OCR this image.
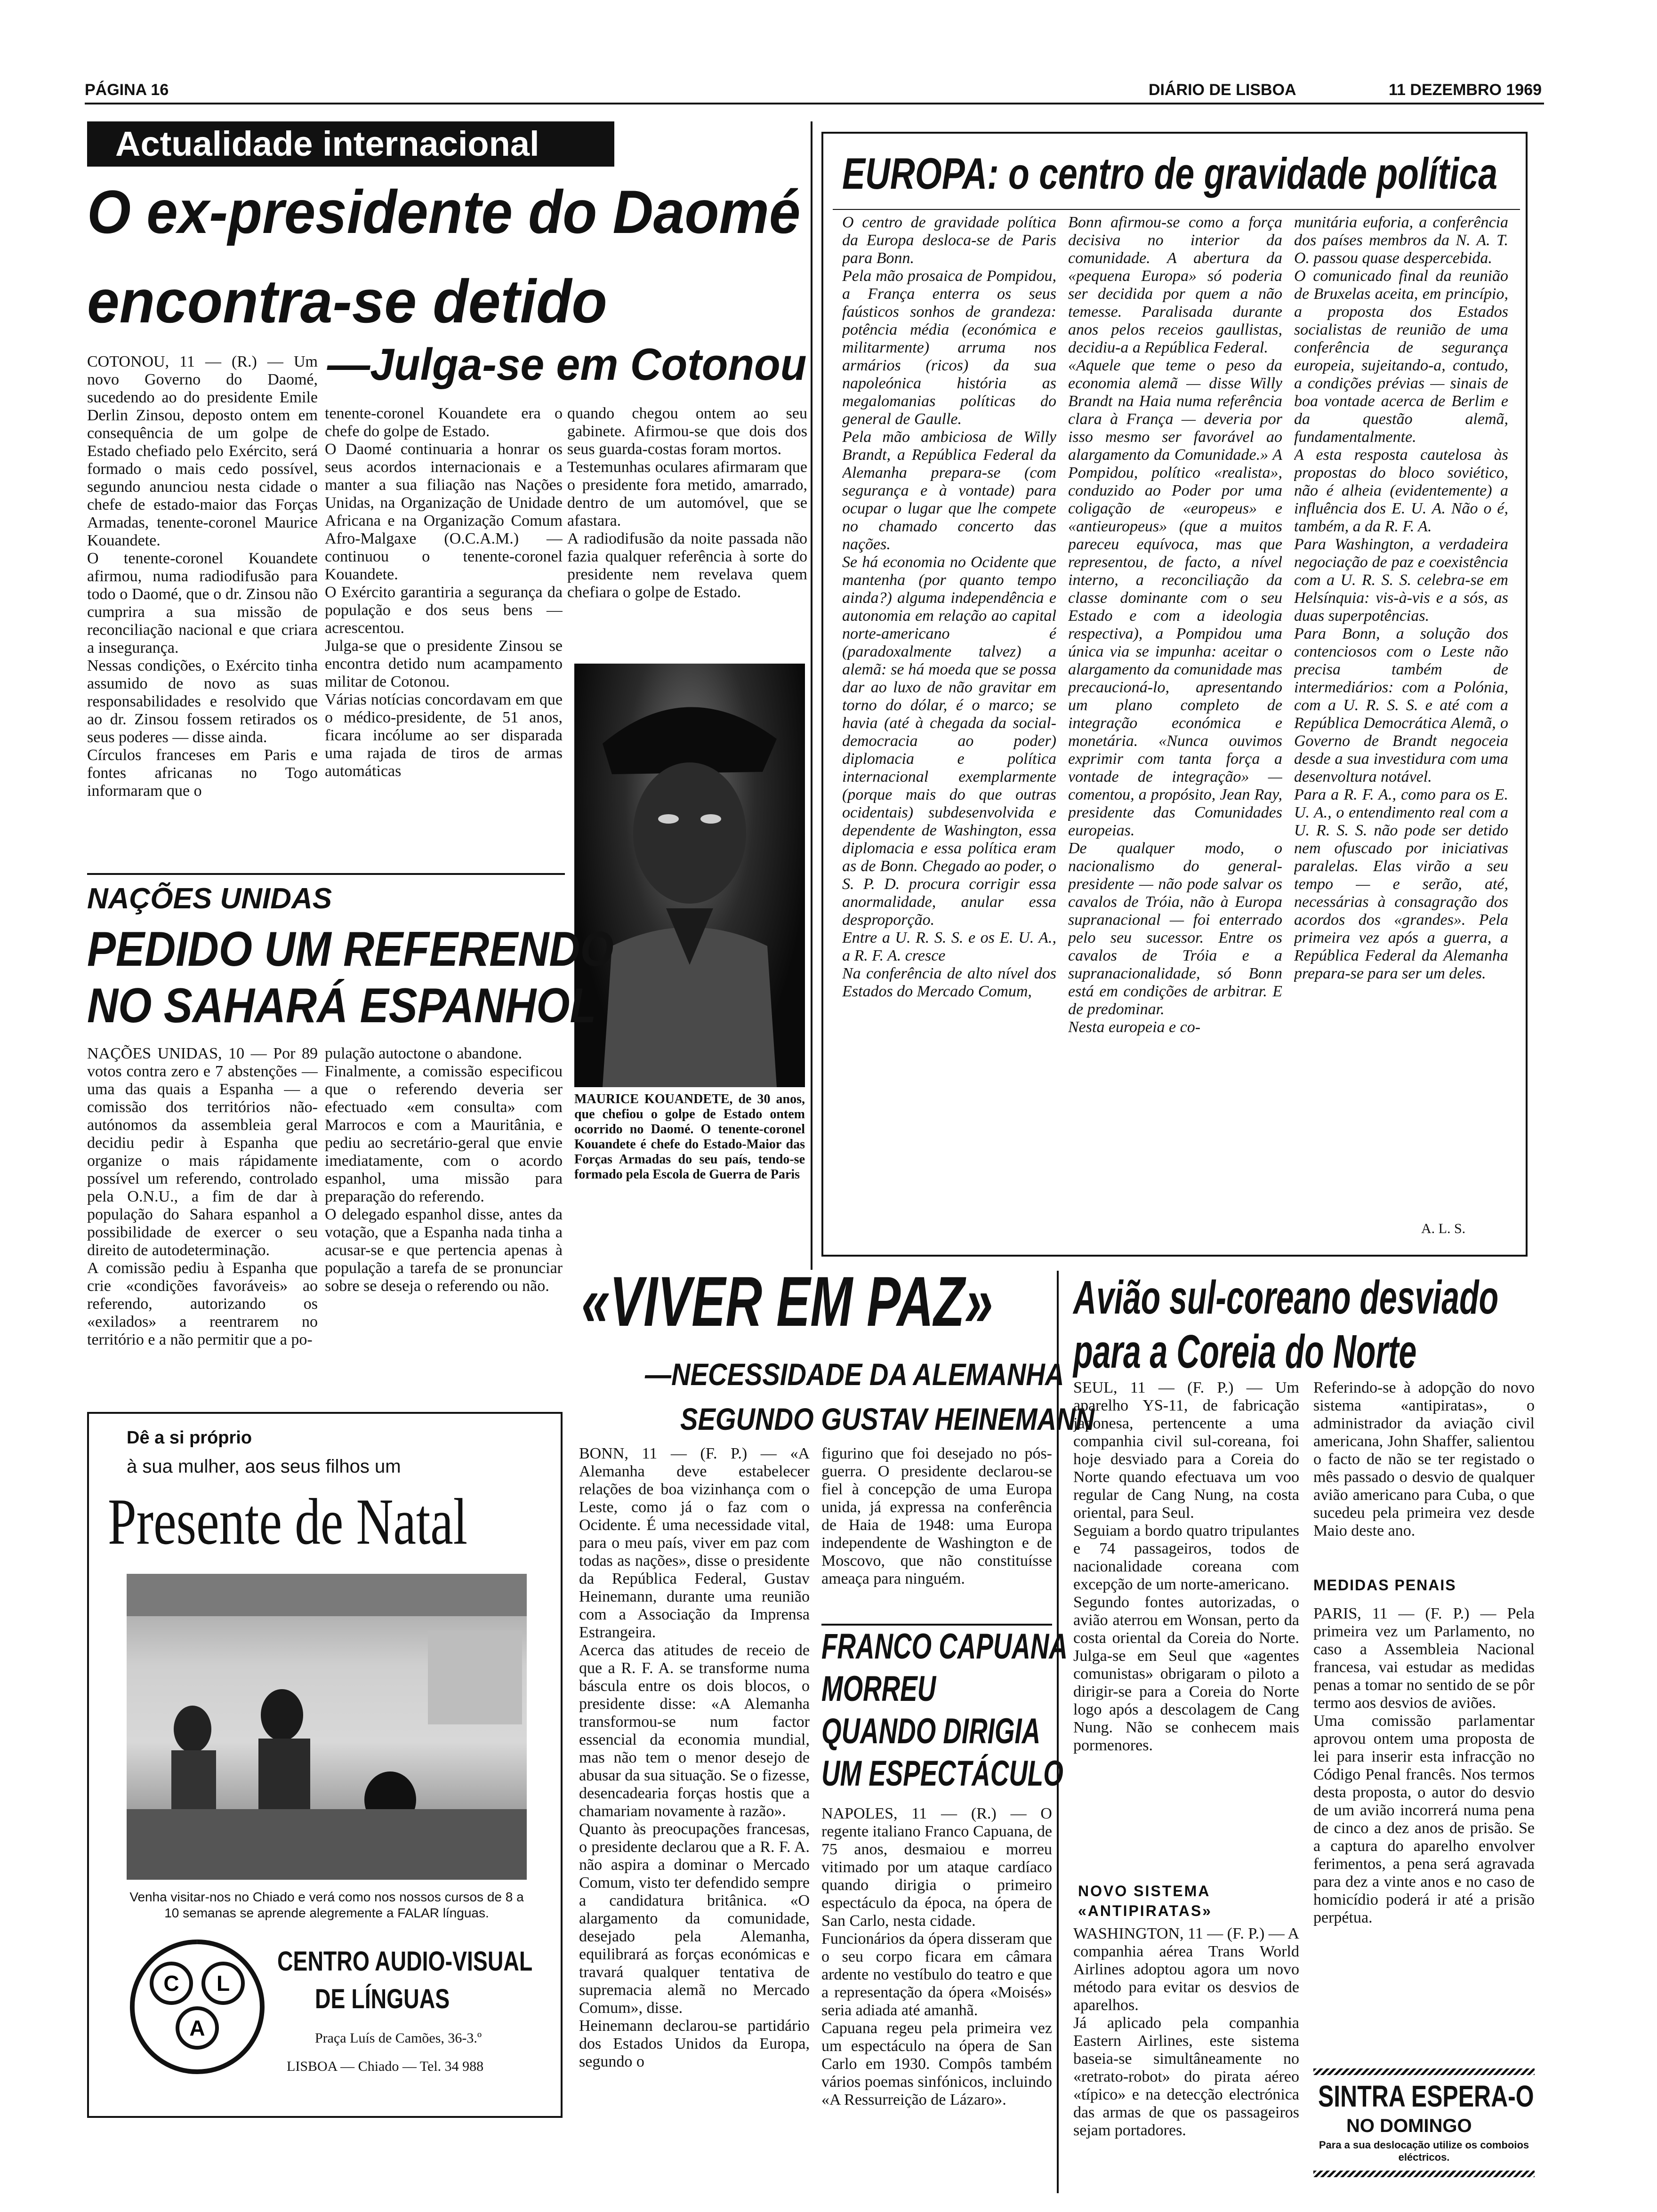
PÁGINA 16	DIÁRIO DE LISBOA	11 DEZEMBRO 1969
Actualidade internacional
O ex-presidente do Daomé
encontra-se detido
—Julga-se em Cotonou
COTONOU, 11 — (R.) — Um novo Governo do Daomé, sucedendo ao do presidente Emile Derlin Zinsou, deposto ontem em consequência de um golpe de Estado chefiado pelo Exército, será formado o mais cedo possível, segundo anunciou nesta cidade o chefe de estado-maior das Forças Armadas, tenente-coronel Maurice Kouandete.
O tenente-coronel Kouandete afirmou, numa radiodifusão para todo o Daomé, que o dr. Zinsou não cumprira a sua missão de reconciliação nacional e que criara a insegurança.
Nessas condições, o Exército tinha assumido de novo as suas responsabilidades e resolvido que ao dr. Zinsou fossem retirados os seus poderes — disse ainda.
Círculos franceses em Paris e fontes africanas no Togo informaram que o
tenente-coronel Kouandete era o chefe do golpe de Estado.
O Daomé continuaria a honrar os seus acordos internacionais e a manter a sua filiação nas Nações Unidas, na Organização de Unidade Africana e na Organização Comum Afro-Malgaxe (O.C.A.M.) — continuou o tenente-coronel Kouandete.
O Exército garantiria a segurança da população e dos seus bens — acrescentou.
Julga-se que o presidente Zinsou se encontra detido num acampamento militar de Cotonou.
Várias notícias concordavam em que o médico-presidente, de 51 anos, ficara incólume ao ser disparada uma rajada de tiros de armas automáticas
quando chegou ontem ao seu gabinete. Afirmou-se que dois dos seus guarda-costas foram mortos.
Testemunhas oculares afirmaram que o presidente fora metido, amarrado, dentro de um automóvel, que se afastara.
A radiodifusão da noite passada não fazia qualquer referência à sorte do presidente nem revelava quem chefiara o golpe de Estado.
MAURICE KOUANDETE, de 30 anos, que chefiou o golpe de Estado ontem ocorrido no Daomé. O tenente-coronel Kouandete é chefe do Estado-Maior das Forças Armadas do seu país, tendo-se formado pela Escola de Guerra de Paris
NAÇÕES UNIDAS
PEDIDO UM REFERENDO
NO SAHARÁ ESPANHOL
NAÇÕES UNIDAS, 10 — Por 89 votos contra zero e 7 abstenções — uma das quais a Espanha — a comissão dos territórios não-autónomos da assembleia geral decidiu pedir à Espanha que organize o mais rápidamente possível um referendo, controlado pela O.N.U., a fim de dar à população do Sahara espanhol a possibilidade de exercer o seu direito de autodeterminação.
A comissão pediu à Espanha que crie «condições favoráveis» ao referendo, autorizando os «exilados» a reentrarem no território e a não permitir que a po-
pulação autoctone o abandone.
Finalmente, a comissão especificou que o referendo deveria ser efectuado «em consulta» com Marrocos e com a Mauritânia, e pediu ao secretário-geral que envie imediatamente, com o acordo espanhol, uma missão para preparação do referendo.
O delegado espanhol disse, antes da votação, que a Espanha nada tinha a acusar-se e que pertencia apenas à população a tarefa de se pronunciar sobre se deseja o referendo ou não.
Dê a si próprio
à sua mulher, aos seus filhos um
Presente de Natal
Venha visitar-nos no Chiado e verá como nos nossos cursos de 8 a 10 semanas se aprende alegremente a FALAR línguas.
C L
A
CENTRO AUDIO-VISUAL
DE LÍNGUAS
Praça Luís de Camões, 36-3.º
LISBOA — Chiado — Tel. 34 988
EUROPA: o centro de gravidade política
O centro de gravidade política da Europa desloca-se de Paris para Bonn.
Pela mão prosaica de Pompidou, a França enterra os seus faústicos sonhos de grandeza: potência média (económica e militarmente) arruma nos armários (ricos) da sua napoleónica história as megalomanias políticas do general de Gaulle.
Pela mão ambiciosa de Willy Brandt, a República Federal da Alemanha prepara-se (com segurança e à vontade) para ocupar o lugar que lhe compete no chamado concerto das nações.
Se há economia no Ocidente que mantenha (por quanto tempo ainda?) alguma independência e autonomia em relação ao capital norte-americano é (paradoxalmente talvez) a alemã: se há moeda que se possa dar ao luxo de não gravitar em torno do dólar, é o marco; se havia (até à chegada da social-democracia ao poder) diplomacia e política internacional exemplarmente (porque mais do que outras ocidentais) subdesenvolvida e dependente de Washington, essa diplomacia e essa política eram as de Bonn. Chegado ao poder, o S. P. D. procura corrigir essa anormalidade, anular essa desproporção.
Entre a U. R. S. S. e os E. U. A., a R. F. A. cresce
Na conferência de alto nível dos Estados do Mercado Comum,
Bonn afirmou-se como a força decisiva no interior da comunidade. A abertura da «pequena Europa» só poderia ser decidida por quem a não temesse. Paralisada durante anos pelos receios gaullistas, decidiu-a a República Federal.
«Aquele que teme o peso da economia alemã — disse Willy Brandt na Haia numa referência clara à França — deveria por isso mesmo ser favorável ao alargamento da Comunidade.» A Pompidou, político «realista», conduzido ao Poder por uma coligação de «europeus» e «antieuropeus» (que a muitos pareceu equívoca, mas que representou, de facto, a nível interno, a reconciliação da classe dominante com o seu Estado e com a ideologia respectiva), a Pompidou uma única via se impunha: aceitar o alargamento da comunidade mas precaucioná-lo, apresentando um plano completo de integração económica e monetária. «Nunca ouvimos exprimir com tanta força a vontade de integração» — comentou, a propósito, Jean Ray, presidente das Comunidades europeias.
De qualquer modo, o nacionalismo do general-presidente — não pode salvar os cavalos de Tróia, não à Europa supranacional — foi enterrado pelo seu sucessor. Entre os cavalos de Tróia e a supranacionalidade, só Bonn está em condições de arbitrar. E de predominar.
Nesta europeia e co-
munitária euforia, a conferência dos países membros da N. A. T. O. passou quase despercebida.
O comunicado final da reunião de Bruxelas aceita, em princípio, a proposta dos Estados socialistas de reunião de uma conferência de segurança europeia, sujeitando-a, contudo, a condições prévias — sinais de boa vontade acerca de Berlim e da questão alemã, fundamentalmente.
A esta resposta cautelosa às propostas do bloco soviético, não é alheia (evidentemente) a influência dos E. U. A. Não o é, também, a da R. F. A.
Para Washington, a verdadeira negociação de paz e coexistência com a U. R. S. S. celebra-se em Helsínquia: vis-à-vis e a sós, as duas superpotências.
Para Bonn, a solução dos contenciosos com o Leste não precisa também de intermediários: com a Polónia, com a U. R. S. S. e até com a República Democrática Alemã, o Governo de Brandt negoceia desde a sua investidura com uma desenvoltura notável.
Para a R. F. A., como para os E. U. A., o entendimento real com a U. R. S. S. não pode ser detido nem ofuscado por iniciativas paralelas. Elas virão a seu tempo — e serão, até, necessárias à consagração dos acordos dos «grandes». Pela primeira vez após a guerra, a República Federal da Alemanha prepara-se para ser um deles.
A. L. S.
«VIVER EM PAZ»
—NECESSIDADE DA ALEMANHA
SEGUNDO GUSTAV HEINEMANN
BONN, 11 — (F. P.) — «A Alemanha deve estabelecer relações de boa vizinhança com o Leste, como já o faz com o Ocidente. É uma necessidade vital, para o meu país, viver em paz com todas as nações», disse o presidente da República Federal, Gustav Heinemann, durante uma reunião com a Associação da Imprensa Estrangeira.
Acerca das atitudes de receio de que a R. F. A. se transforme numa báscula entre os dois blocos, o presidente disse: «A Alemanha transformou-se num factor essencial da economia mundial, mas não tem o menor desejo de abusar da sua situação. Se o fizesse, desencadearia forças hostis que a chamariam novamente à razão».
Quanto às preocupações francesas, o presidente declarou que a R. F. A. não aspira a dominar o Mercado Comum, visto ter defendido sempre a candidatura britânica. «O alargamento da comunidade, desejado pela Alemanha, equilibrará as forças económicas e travará qualquer tentativa de supremacia alemã no Mercado Comum», disse.
Heinemann declarou-se partidário dos Estados Unidos da Europa, segundo o
figurino que foi desejado no pós-guerra. O presidente declarou-se fiel à concepção de uma Europa unida, já expressa na conferência de Haia de 1948: uma Europa independente de Washington e de Moscovo, que não constituísse ameaça para ninguém.
FRANCO CAPUANA
MORREU
QUANDO DIRIGIA
UM ESPECTÁCULO
NAPOLES, 11 — (R.) — O regente italiano Franco Capuana, de 75 anos, desmaiou e morreu vitimado por um ataque cardíaco quando dirigia o primeiro espectáculo da época, na ópera de San Carlo, nesta cidade.
Funcionários da ópera disseram que o seu corpo ficara em câmara ardente no vestíbulo do teatro e que a representação da ópera «Moisés» seria adiada até amanhã.
Capuana regeu pela primeira vez um espectáculo na ópera de San Carlo em 1930. Compôs também vários poemas sinfónicos, incluindo «A Ressurreição de Lázaro».
Avião sul-coreano desviado
para a Coreia do Norte
SEUL, 11 — (F. P.) — Um aparelho YS-11, de fabricação japonesa, pertencente a uma companhia civil sul-coreana, foi hoje desviado para a Coreia do Norte quando efectuava um voo regular de Cang Nung, na costa oriental, para Seul.
Seguiam a bordo quatro tripulantes e 74 passageiros, todos de nacionalidade coreana com excepção de um norte-americano.
Segundo fontes autorizadas, o avião aterrou em Wonsan, perto da costa oriental da Coreia do Norte. Julga-se em Seul que «agentes comunistas» obrigaram o piloto a dirigir-se para a Coreia do Norte logo após a descolagem de Cang Nung. Não se conhecem mais pormenores.
NOVO SISTEMA
«ANTIPIRATAS»
WASHINGTON, 11 — (F. P.) — A companhia aérea Trans World Airlines adoptou agora um novo método para evitar os desvios de aparelhos.
Já aplicado pela companhia Eastern Airlines, este sistema baseia-se simultâneamente no «retrato-robot» do pirata aéreo «típico» e na detecção electrónica das armas de que os passageiros sejam portadores.
Referindo-se à adopção do novo sistema «antipiratas», o administrador da aviação civil americana, John Shaffer, salientou o facto de não se ter registado o mês passado o desvio de qualquer avião americano para Cuba, o que sucedeu pela primeira vez desde Maio deste ano.
MEDIDAS PENAIS
PARIS, 11 — (F. P.) — Pela primeira vez um Parlamento, no caso a Assembleia Nacional francesa, vai estudar as medidas penas a tomar no sentido de se pôr termo aos desvios de aviões.
Uma comissão parlamentar aprovou ontem uma proposta de lei para inserir esta infracção no Código Penal francês. Nos termos desta proposta, o autor do desvio de um avião incorrerá numa pena de cinco a dez anos de prisão. Se a captura do aparelho envolver ferimentos, a pena será agravada para dez a vinte anos e no caso de homicídio poderá ir até a prisão perpétua.
SINTRA ESPERA-O
NO DOMINGO
Para a sua deslocação utilize os comboios eléctricos.
